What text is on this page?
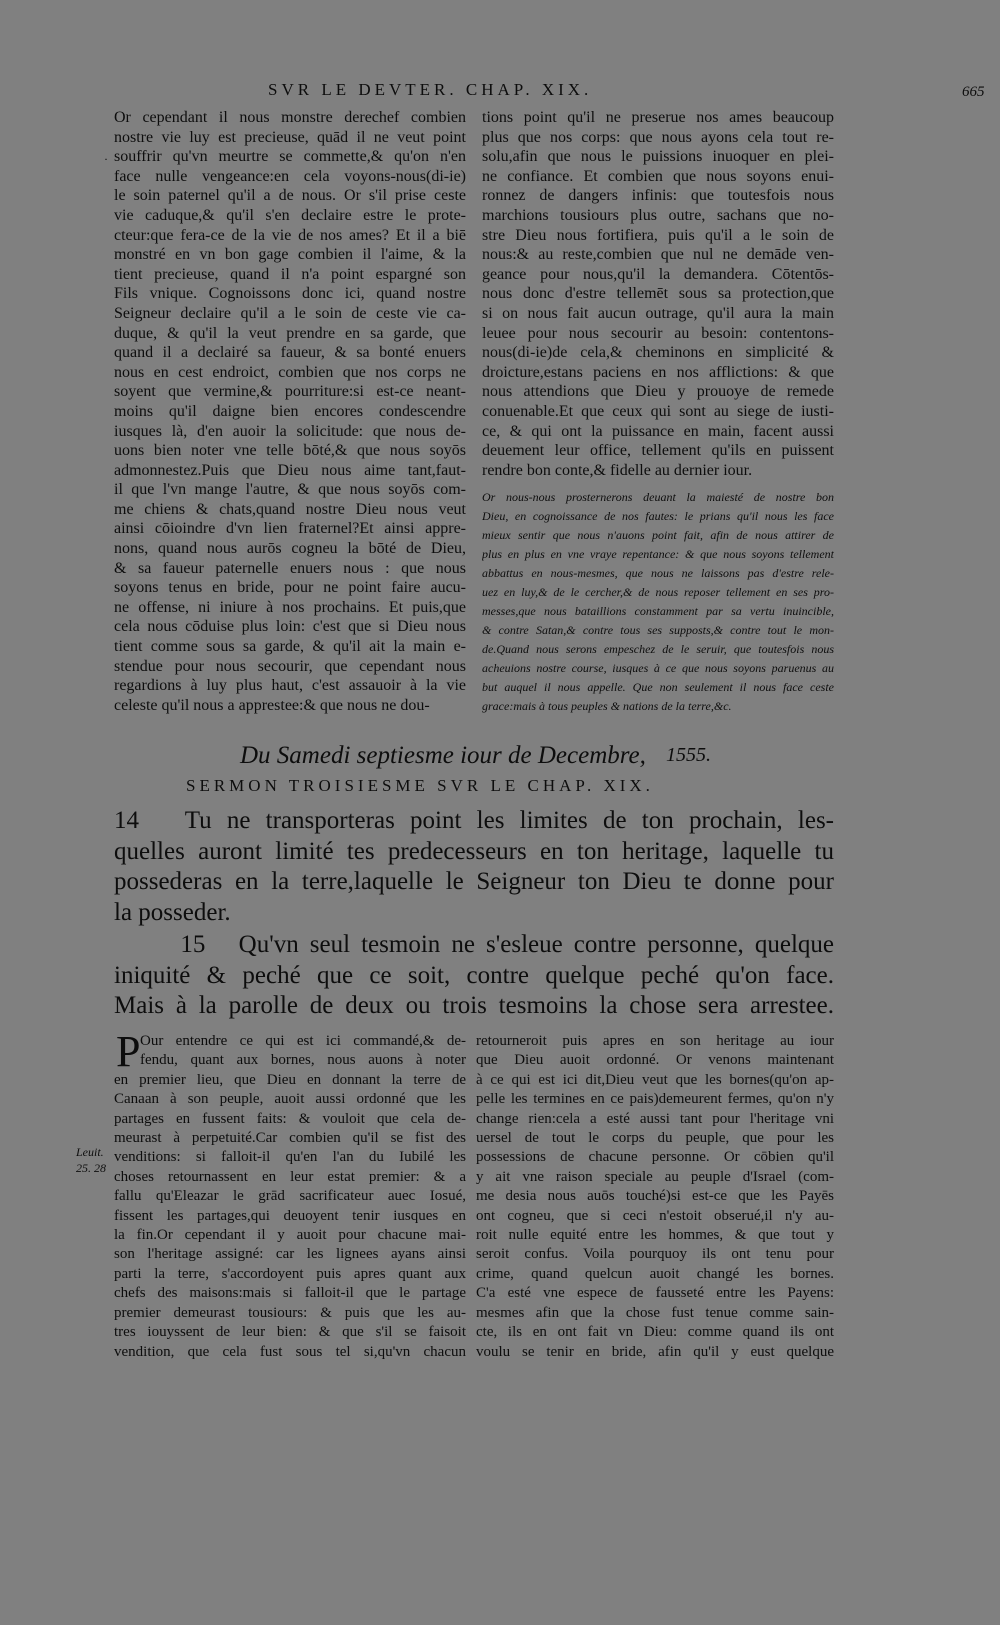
SVR LE DEVTER. CHAP. XIX.	665
·
Or cependant il nous monstre derechef combien
nostre vie luy est precieuse, quād il ne veut point
souffrir qu'vn meurtre se commette,& qu'on n'en
face nulle vengeance:en cela voyons-nous(di-ie)
le soin paternel qu'il a de nous. Or s'il prise ceste
vie caduque,& qu'il s'en declaire estre le prote-
cteur:que fera-ce de la vie de nos ames? Et il a biē
monstré en vn bon gage combien il l'aime, & la
tient precieuse, quand il n'a point espargné son
Fils vnique. Cognoissons donc ici, quand nostre
Seigneur declaire qu'il a le soin de ceste vie ca-
duque, & qu'il la veut prendre en sa garde, que
quand il a declairé sa faueur, & sa bonté enuers
nous en cest endroict, combien que nos corps ne
soyent que vermine,& pourriture:si est-ce neant-
moins qu'il daigne bien encores condescendre
iusques là, d'en auoir la solicitude: que nous de-
uons bien noter vne telle bōté,& que nous soyōs
admonnestez.Puis que Dieu nous aime tant,faut-
il que l'vn mange l'autre, & que nous soyōs com-
me chiens & chats,quand nostre Dieu nous veut
ainsi cōioindre d'vn lien fraternel?Et ainsi appre-
nons, quand nous aurōs cogneu la bōté de Dieu,
& sa faueur paternelle enuers nous : que nous
soyons tenus en bride, pour ne point faire aucu-
ne offense, ni iniure à nos prochains. Et puis,que
cela nous cōduise plus loin: c'est que si Dieu nous
tient comme sous sa garde, & qu'il ait la main e-
stendue pour nous secourir, que cependant nous
regardions à luy plus haut, c'est assauoir à la vie
celeste qu'il nous a apprestee:& que nous ne dou-
tions point qu'il ne preserue nos ames beaucoup
plus que nos corps: que nous ayons cela tout re-
solu,afin que nous le puissions inuoquer en plei-
ne confiance. Et combien que nous soyons enui-
ronnez de dangers infinis: que toutesfois nous
marchions tousiours plus outre, sachans que no-
stre Dieu nous fortifiera, puis qu'il a le soin de
nous:& au reste,combien que nul ne demāde ven-
geance pour nous,qu'il la demandera. Cōtentōs-
nous donc d'estre tellemēt sous sa protection,que
si on nous fait aucun outrage, qu'il aura la main
leuee pour nous secourir au besoin: contentons-
nous(di-ie)de cela,& cheminons en simplicité &
droicture,estans paciens en nos afflictions: & que
nous attendions que Dieu y prouoye de remede
conuenable.Et que ceux qui sont au siege de iusti-
ce, & qui ont la puissance en main, facent aussi
deuement leur office, tellement qu'ils en puissent
rendre bon conte,& fidelle au dernier iour.
Or nous-nous prosternerons deuant la maiesté de nostre bon
Dieu, en cognoissance de nos fautes: le prians qu'il nous les face
mieux sentir que nous n'auons point fait, afin de nous attirer de
plus en plus en vne vraye repentance: & que nous soyons tellement
abbattus en nous-mesmes, que nous ne laissons pas d'estre rele-
uez en luy,& de le cercher,& de nous reposer tellement en ses pro-
messes,que nous bataillions constamment par sa vertu inuincible,
& contre Satan,& contre tous ses supposts,& contre tout le mon-
de.Quand nous serons empeschez de le seruir, que toutesfois nous
acheuions nostre course, iusques à ce que nous soyons paruenus au
but auquel il nous appelle. Que non seulement il nous face ceste
grace:mais à tous peuples & nations de la terre,&c.
Du Samedi septiesme iour de Decembre, 1555.
SERMON TROISIESME SVR LE CHAP. XIX.
14 Tu ne transporteras point les limites de ton prochain, les-
quelles auront limité tes predecesseurs en ton heritage, laquelle tu
possederas en la terre,laquelle le Seigneur ton Dieu te donne pour
la posseder.
15 Qu'vn seul tesmoin ne s'esleue contre personne, quelque
iniquité & peché que ce soit, contre quelque peché qu'on face.
Mais à la parolle de deux ou trois tesmoins la chose sera arrestee.
P Our entendre ce qui est ici commandé,& de-
fendu, quant aux bornes, nous auons à noter
en premier lieu, que Dieu en donnant la terre de
Canaan à son peuple, auoit aussi ordonné que les
partages en fussent faits: & vouloit que cela de-
meurast à perpetuité.Car combien qu'il se fist des
venditions: si falloit-il qu'en l'an du Iubilé les
choses retournassent en leur estat premier: & a
fallu qu'Eleazar le grād sacrificateur auec Iosué,
fissent les partages,qui deuoyent tenir iusques en
la fin.Or cependant il y auoit pour chacune mai-
son l'heritage assigné: car les lignees ayans ainsi
parti la terre, s'accordoyent puis apres quant aux
chefs des maisons:mais si falloit-il que le partage
premier demeurast tousiours: & puis que les au-
tres iouyssent de leur bien: & que s'il se faisoit
vendition, que cela fust sous tel si,qu'vn chacun
retourneroit puis apres en son heritage au iour
que Dieu auoit ordonné. Or venons maintenant
à ce qui est ici dit,Dieu veut que les bornes(qu'on ap-
pelle les termines en ce pais)demeurent fermes, qu'on n'y
change rien:cela a esté aussi tant pour l'heritage vni
uersel de tout le corps du peuple, que pour les
possessions de chacune personne. Or cōbien qu'il
y ait vne raison speciale au peuple d'Israel (com-
me desia nous auōs touché)si est-ce que les Payēs
ont cogneu, que si ceci n'estoit obserué,il n'y au-
roit nulle equité entre les hommes, & que tout y
seroit confus. Voila pourquoy ils ont tenu pour
crime, quand quelcun auoit changé les bornes.
C'a esté vne espece de fausseté entre les Payens:
mesmes afin que la chose fust tenue comme sain-
cte, ils en ont fait vn Dieu: comme quand ils ont
voulu se tenir en bride, afin qu'il y eust quelque
Leuit.
25. 28
